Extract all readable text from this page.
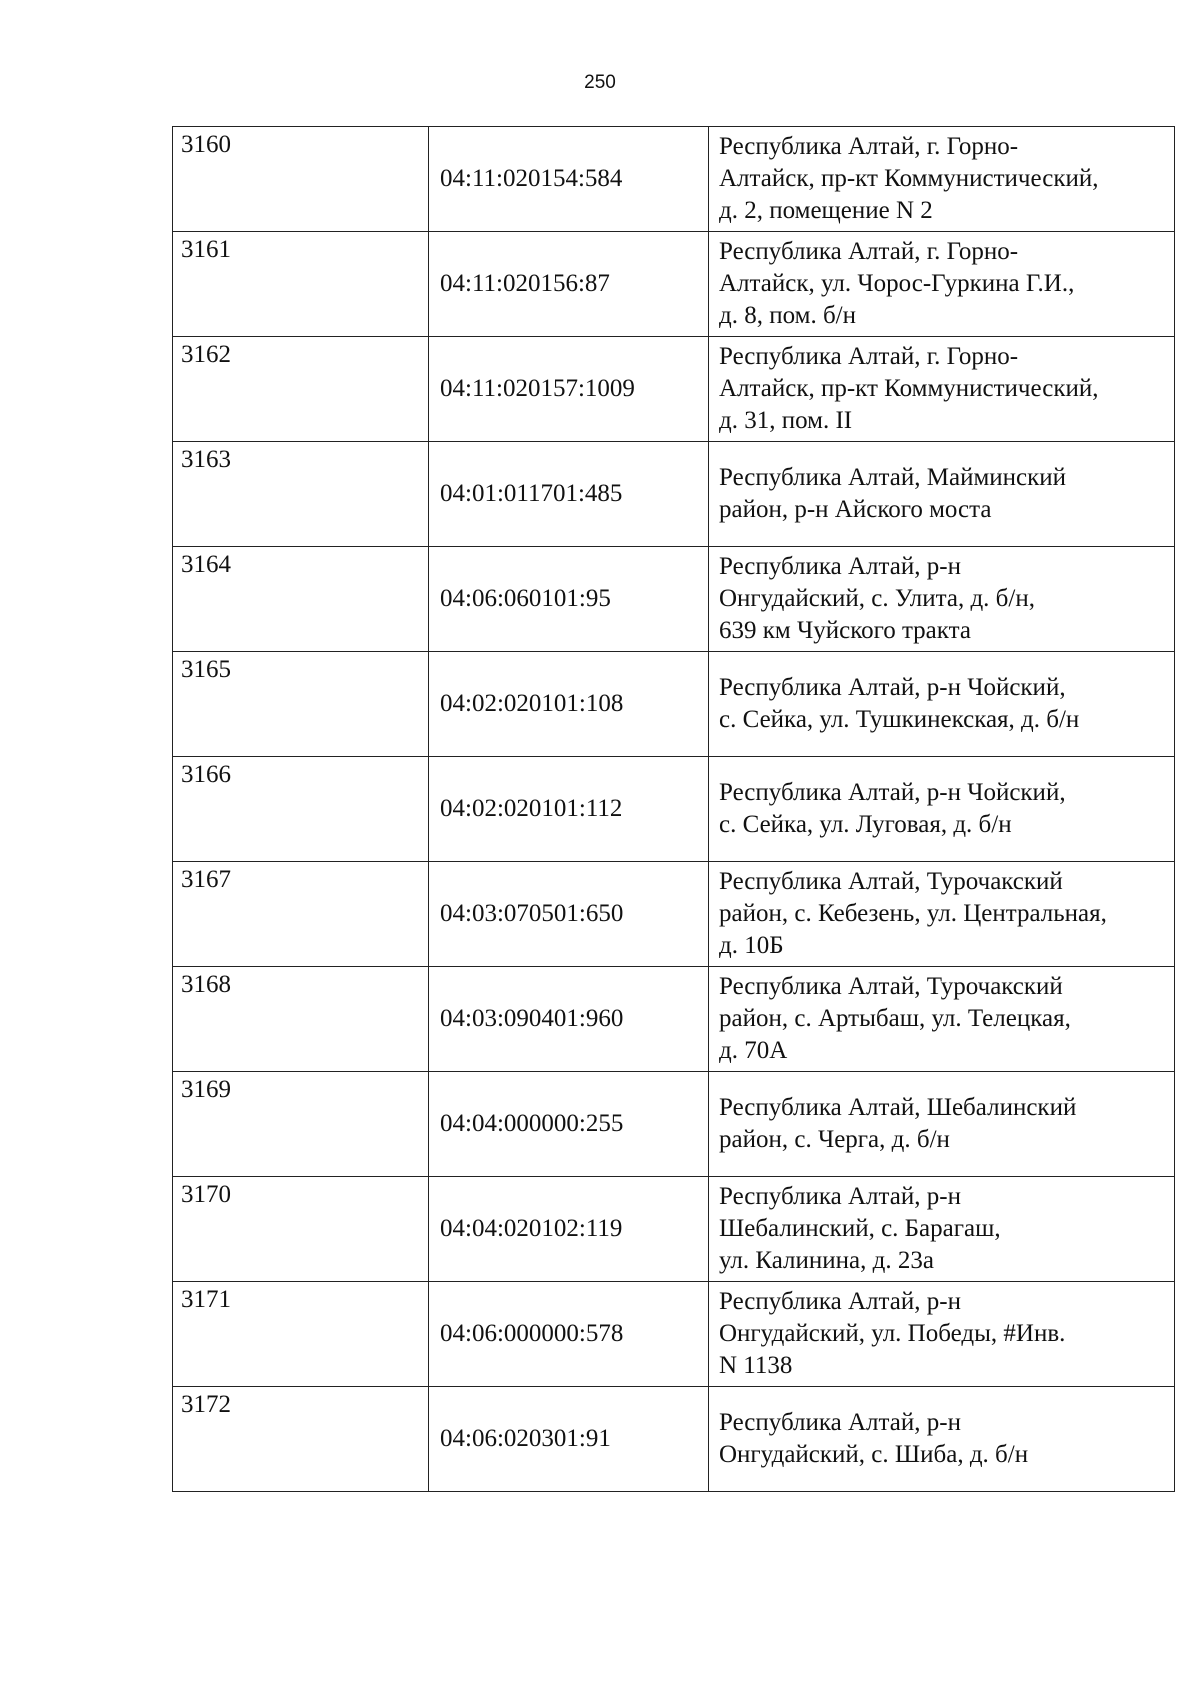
250
3160	04:11:020154:584	Республика Алтай, г. Горно-
Алтайск, пр-кт Коммунистический,
д. 2, помещение N 2

3161	04:11:020156:87	Республика Алтай, г. Горно-
Алтайск, ул. Чорос-Гуркина Г.И.,
д. 8, пом. б/н

3162	04:11:020157:1009	Республика Алтай, г. Горно-
Алтайск, пр-кт Коммунистический,
д. 31, пом. II

3163	04:01:011701:485	Республика Алтай, Майминский
район, р-н Айского моста

3164	04:06:060101:95	Республика Алтай, р-н
Онгудайский, с. Улита, д. б/н,
639 км Чуйского тракта

3165	04:02:020101:108	Республика Алтай, р-н Чойский,
с. Сейка, ул. Тушкинекская, д. б/н

3166	04:02:020101:112	Республика Алтай, р-н Чойский,
с. Сейка, ул. Луговая, д. б/н

3167	04:03:070501:650	Республика Алтай, Турочакский
район, с. Кебезень, ул. Центральная,
д. 10Б

3168	04:03:090401:960	Республика Алтай, Турочакский
район, с. Артыбаш, ул. Телецкая,
д. 70А

3169	04:04:000000:255	Республика Алтай, Шебалинский
район, с. Черга, д. б/н

3170	04:04:020102:119	Республика Алтай, р-н
Шебалинский, с. Барагаш,
ул. Калинина, д. 23а

3171	04:06:000000:578	Республика Алтай, р-н
Онгудайский, ул. Победы, #Инв.
N 1138

3172	04:06:020301:91	Республика Алтай, р-н
Онгудайский, с. Шиба, д. б/н
